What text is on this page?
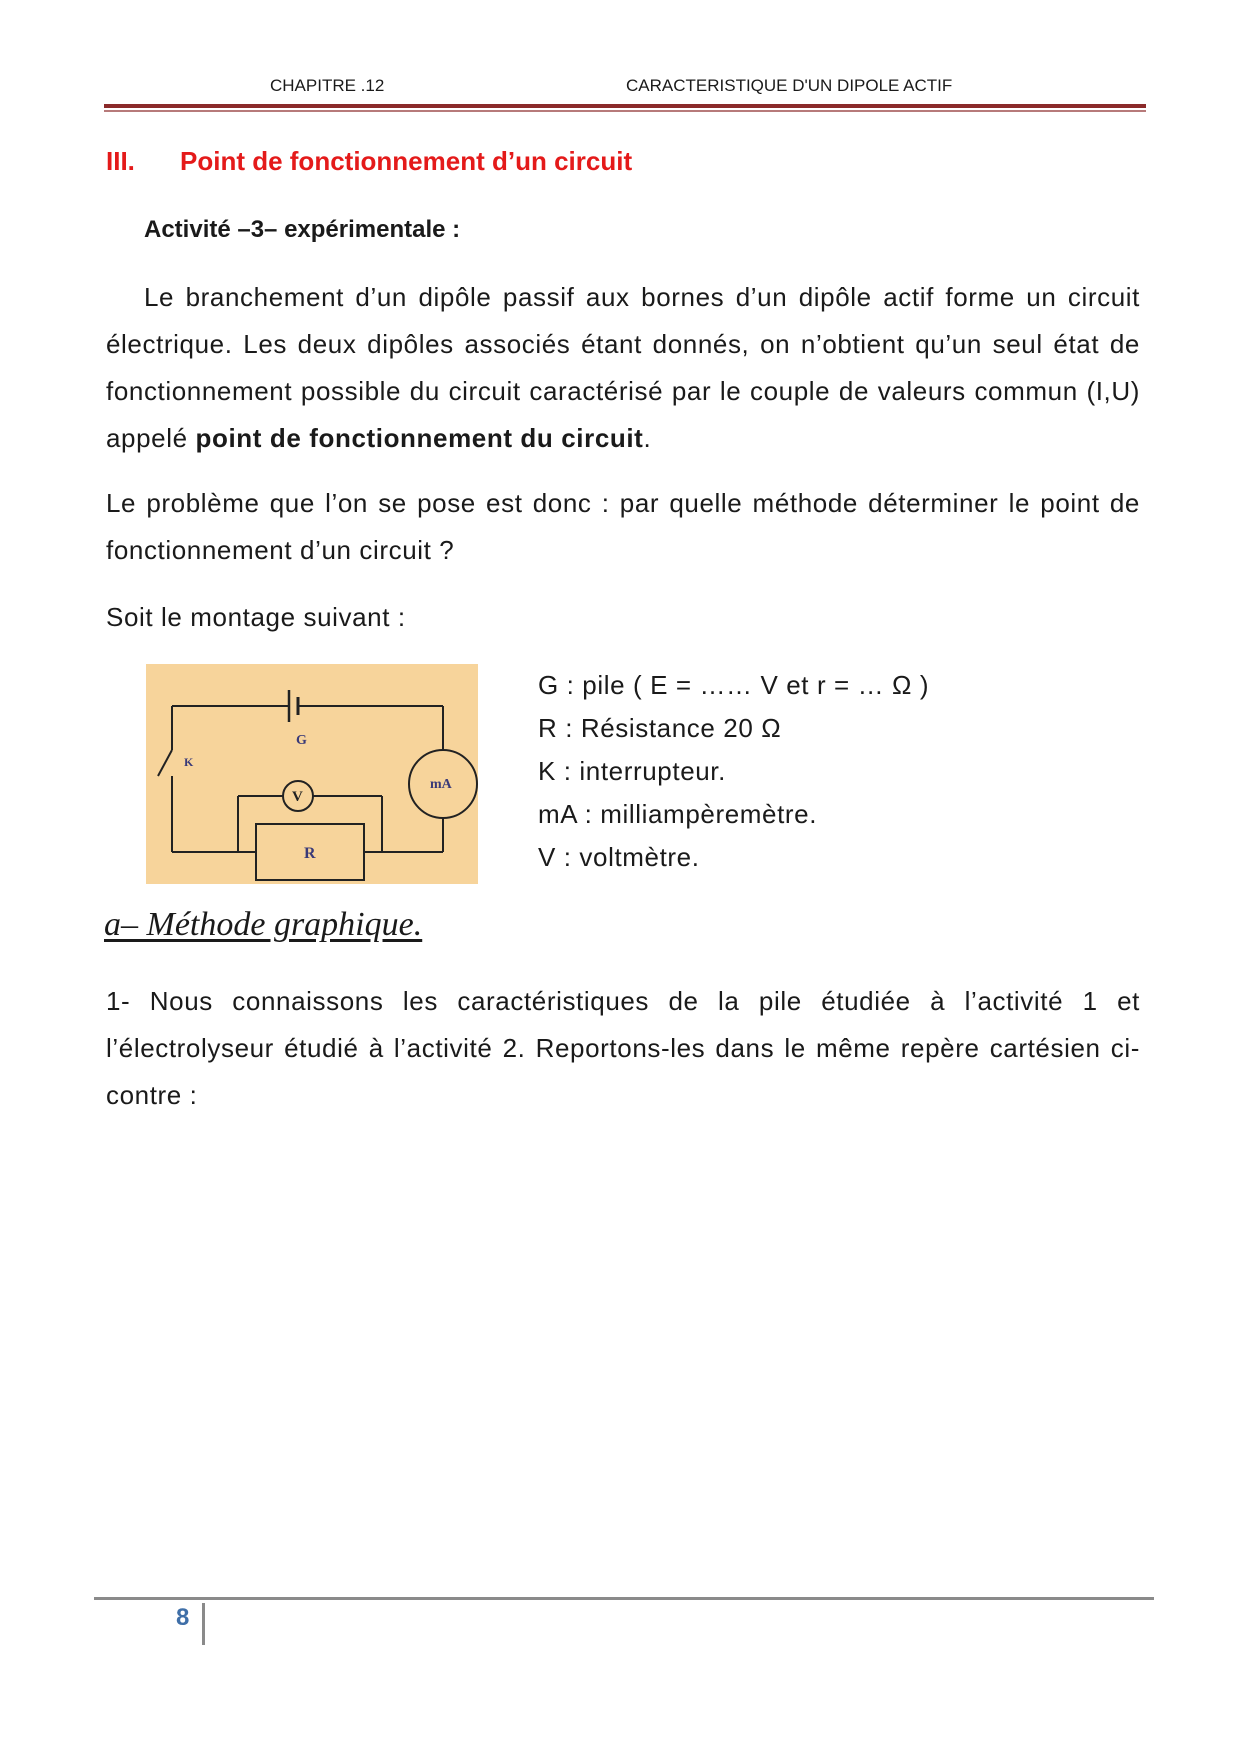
CHAPITRE .12	CARACTERISTIQUE D'UN DIPOLE ACTIF
III. Point de fonctionnement d’un circuit
Activité –3– expérimentale :
Le branchement d’un dipôle passif aux bornes d’un dipôle actif forme un circuit électrique. Les deux dipôles associés étant donnés, on n’obtient qu’un seul état de fonctionnement possible du circuit caractérisé par le couple de valeurs commun (I,U) appelé point de fonctionnement du circuit.
Le problème que l’on se pose est donc : par quelle méthode déterminer le point de fonctionnement d’un circuit ?
Soit le montage suivant :
G
K
V
mA
R
G : pile ( E = …… V et r = … Ω )
R : Résistance 20 Ω
K : interrupteur.
mA : milliampèremètre.
V : voltmètre.
a– Méthode graphique.
1- Nous connaissons les caractéristiques de la pile étudiée à l’activité 1 et l’électrolyseur étudié à l’activité 2. Reportons-les dans le même repère cartésien ci-contre :
8
